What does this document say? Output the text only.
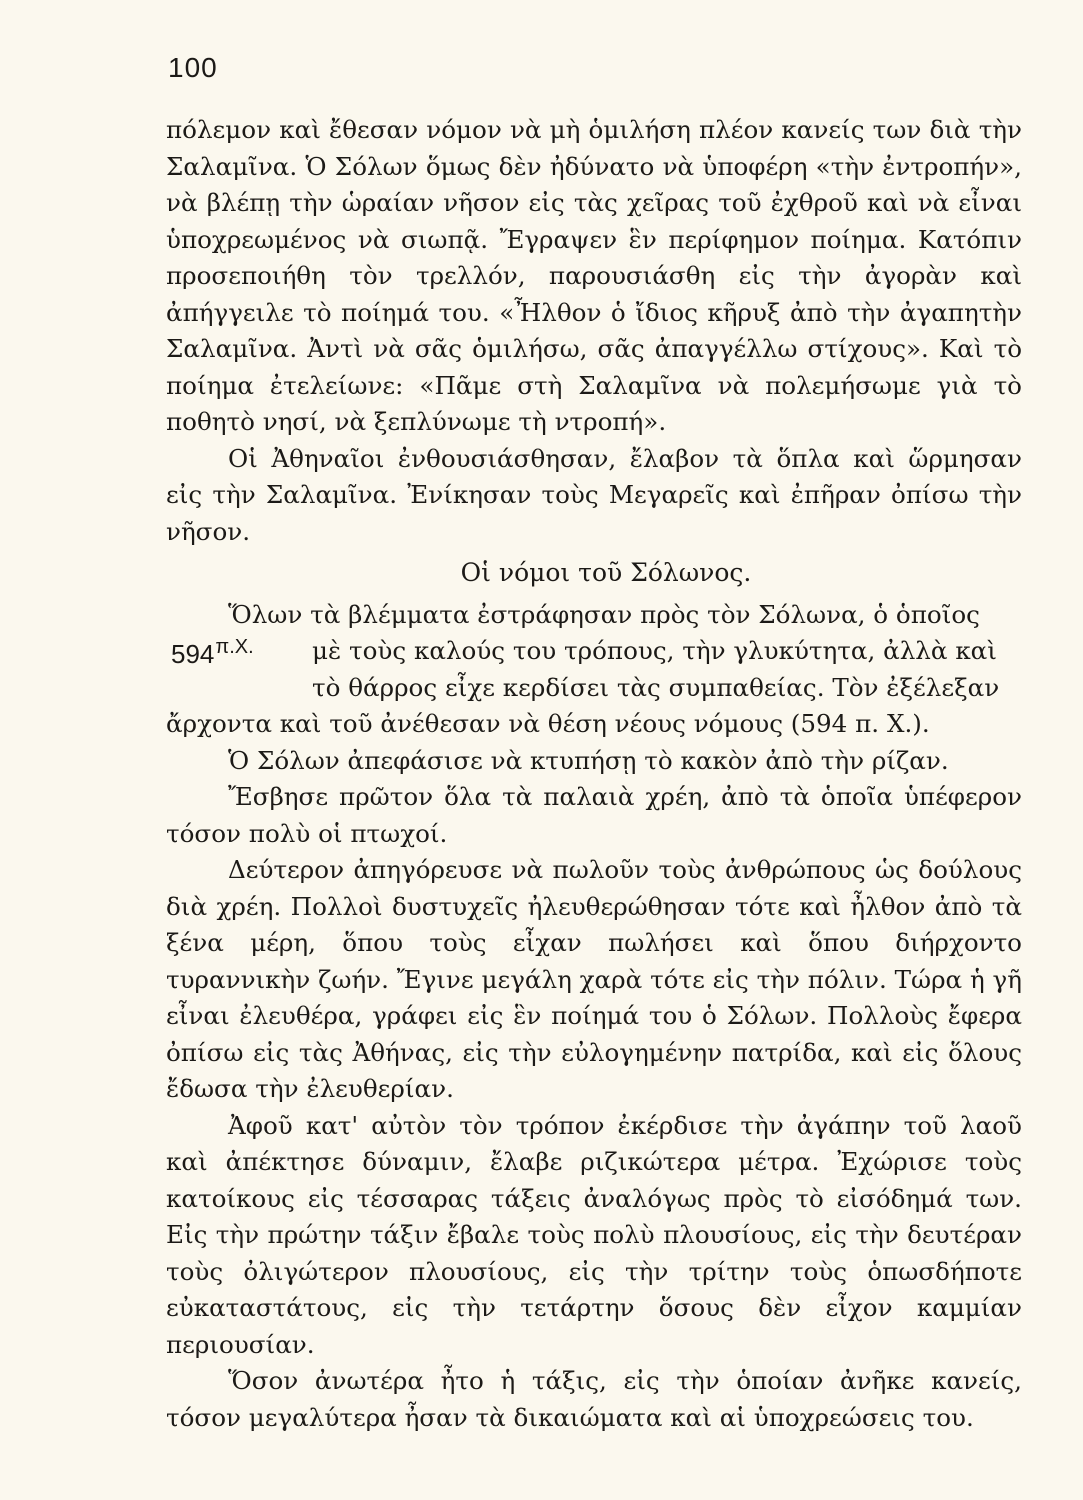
100

πόλεμον καὶ ἔθεσαν νόμον νὰ μὴ ὁμιλήση πλέον κανείς των διὰ τὴν Σαλαμῖνα. Ὁ Σόλων ὅμως δὲν ἠδύνατο νὰ ὑποφέρη «τὴν ἐντροπήν», νὰ βλέπῃ τὴν ὡραίαν νῆσον εἰς τὰς χεῖρας τοῦ ἐχθροῦ καὶ νὰ εἶναι ὑποχρεωμένος νὰ σιωπᾷ. Ἔγραψεν ἓν περίφημον ποίημα. Κατόπιν προσεποιήθη τὸν τρελλόν, παρουσιάσθη εἰς τὴν ἀγορὰν καὶ ἀπήγγειλε τὸ ποίημά του. «Ἦλθον ὁ ἴδιος κῆρυξ ἀπὸ τὴν ἀγαπητὴν Σαλαμῖνα. Ἀντὶ νὰ σᾶς ὁμιλήσω, σᾶς ἀπαγγέλλω στίχους». Καὶ τὸ ποίημα ἐτελείωνε: «Πᾶμε στὴ Σαλαμῖνα νὰ πολεμήσωμε γιὰ τὸ ποθητὸ νησί, νὰ ξεπλύνωμε τὴ ντροπή».

Οἱ Ἀθηναῖοι ἐνθουσιάσθησαν, ἔλαβον τὰ ὅπλα καὶ ὥρμησαν εἰς τὴν Σαλαμῖνα. Ἐνίκησαν τοὺς Μεγαρεῖς καὶ ἐπῆραν ὀπίσω τὴν νῆσον.

Οἱ νόμοι τοῦ Σόλωνος.
$594^{\pi.X.}$

Ὅλων τὰ βλέμματα ἐστράφησαν πρὸς τὸν Σόλωνα, ὁ ὁποῖος
μὲ τοὺς καλούς του τρόπους, τὴν γλυκύτητα, ἀλλὰ καὶ
τὸ θάρρος εἶχε κερδίσει τὰς συμπαθείας. Τὸν ἐξέλεξαν
ἄρχοντα καὶ τοῦ ἀνέθεσαν νὰ θέση νέους νόμους (594 π. Χ.).

Ὁ Σόλων ἀπεφάσισε νὰ κτυπήσῃ τὸ κακὸν ἀπὸ τὴν ρίζαν.

Ἔσβησε πρῶτον ὅλα τὰ παλαιὰ χρέη, ἀπὸ τὰ ὁποῖα ὑπέφερον τόσον πολὺ οἱ πτωχοί.

Δεύτερον ἀπηγόρευσε νὰ πωλοῦν τοὺς ἀνθρώπους ὡς δούλους διὰ χρέη. Πολλοὶ δυστυχεῖς ἠλευθερώθησαν τότε καὶ ἦλθον ἀπὸ τὰ ξένα μέρη, ὅπου τοὺς εἶχαν πωλήσει καὶ ὅπου διήρχοντο τυραννικὴν ζωήν. Ἔγινε μεγάλη χαρὰ τότε εἰς τὴν πόλιν. Τώρα ἡ γῆ εἶναι ἐλευθέρα, γράφει εἰς ἓν ποίημά του ὁ Σόλων. Πολλοὺς ἔφερα ὀπίσω εἰς τὰς Ἀθήνας, εἰς τὴν εὐλογημένην πατρίδα, καὶ εἰς ὅλους ἔδωσα τὴν ἐλευθερίαν.

Ἀφοῦ κατ' αὐτὸν τὸν τρόπον ἐκέρδισε τὴν ἀγάπην τοῦ λαοῦ καὶ ἀπέκτησε δύναμιν, ἔλαβε ριζικώτερα μέτρα. Ἐχώρισε τοὺς κατοίκους εἰς τέσσαρας τάξεις ἀναλόγως πρὸς τὸ εἰσόδημά των. Εἰς τὴν πρώτην τάξιν ἔβαλε τοὺς πολὺ πλουσίους, εἰς τὴν δευτέραν τοὺς ὀλιγώτερον πλουσίους, εἰς τὴν τρίτην τοὺς ὁπωσδήποτε εὐκαταστάτους, εἰς τὴν τετάρτην ὅσους δὲν εἶχον καμμίαν περιουσίαν.

Ὅσον ἀνωτέρα ἦτο ἡ τάξις, εἰς τὴν ὁποίαν ἀνῆκε κανείς, τόσον μεγαλύτερα ἦσαν τὰ δικαιώματα καὶ αἱ ὑποχρεώσεις του.
